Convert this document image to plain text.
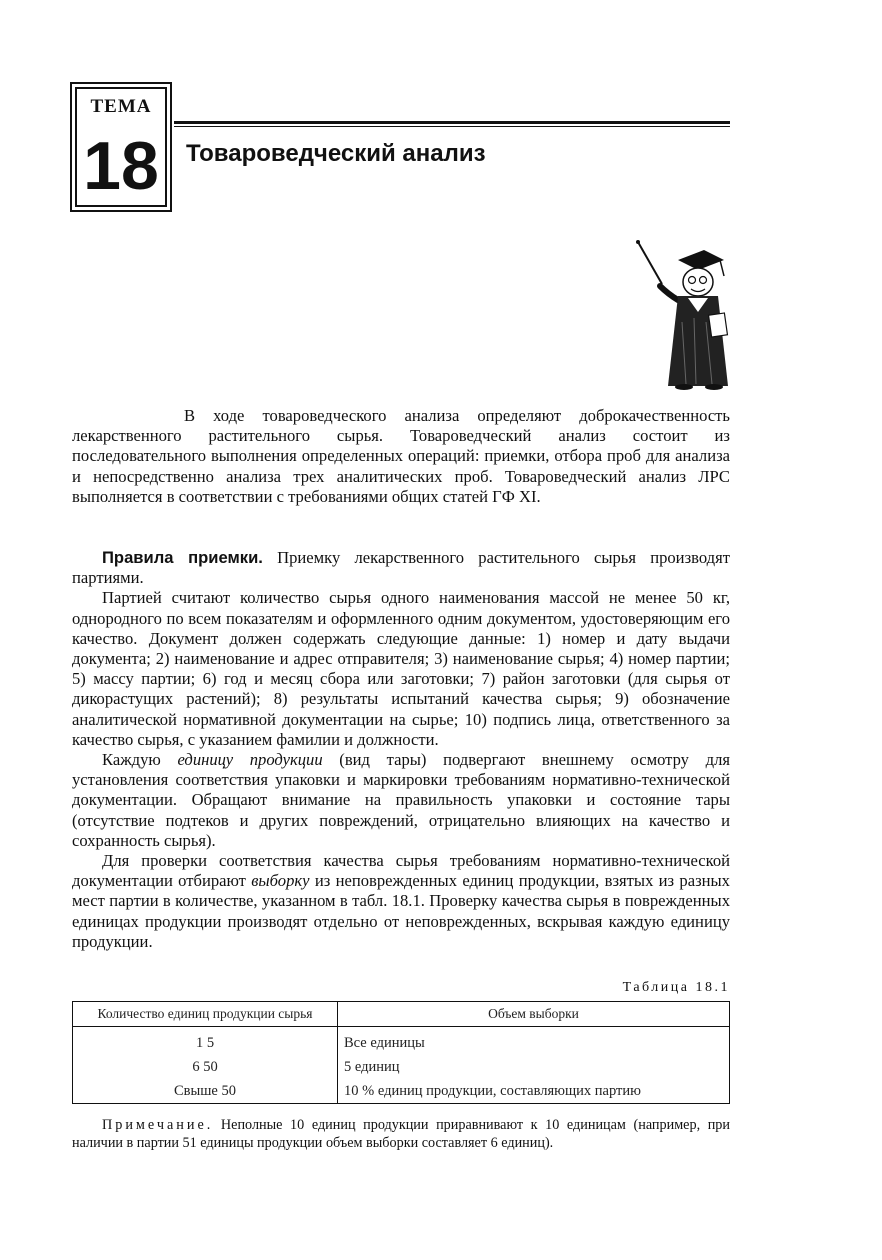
ТЕМА
18	Товароведческий анализ

В ходе товароведческого анализа определяют доброкачественность лекарственного растительного сырья. Товароведческий анализ состоит из последовательного выполнения определенных операций: приемки, отбора проб для анализа и непосредственно анализа трех аналитических проб. Товароведческий анализ ЛРС выполняется в соответствии с требованиями общих статей ГФ XI.

Правила приемки. Приемку лекарственного растительного сырья производят партиями.

Партией считают количество сырья одного наименования массой не менее 50 кг, однородного по всем показателям и оформленного одним документом, удостоверяющим его качество. Документ должен содержать следующие данные: 1) номер и дату выдачи документа; 2) наименование и адрес отправителя; 3) наименование сырья; 4) номер партии; 5) массу партии; 6) год и месяц сбора или заготовки; 7) район заготовки (для сырья от дикорастущих растений); 8) результаты испытаний качества сырья; 9) обозначение аналитической нормативной документации на сырье; 10) подпись лица, ответственного за качество сырья, с указанием фамилии и должности.

Каждую единицу продукции (вид тары) подвергают внешнему осмотру для установления соответствия упаковки и маркировки требованиям нормативно-технической документации. Обращают внимание на правильность упаковки и состояние тары (отсутствие подтеков и других повреждений, отрицательно влияющих на качество и сохранность сырья).

Для проверки соответствия качества сырья требованиям нормативно-технической документации отбирают выборку из неповрежденных единиц продукции, взятых из разных мест партии в количестве, указанном в табл. 18.1. Проверку качества сырья в поврежденных единицах продукции производят отдельно от неповрежденных, вскрывая каждую единицу продукции.

Таблица 18.1
Количество единиц продукции сырья	Объем выборки
1 5	Все единицы
6 50	5 единиц
Свыше 50	10 % единиц продукции, составляющих партию
Примечание. Неполные 10 единиц продукции приравнивают к 10 единицам (например, при наличии в партии 51 единицы продукции объем выборки составляет 6 единиц).
